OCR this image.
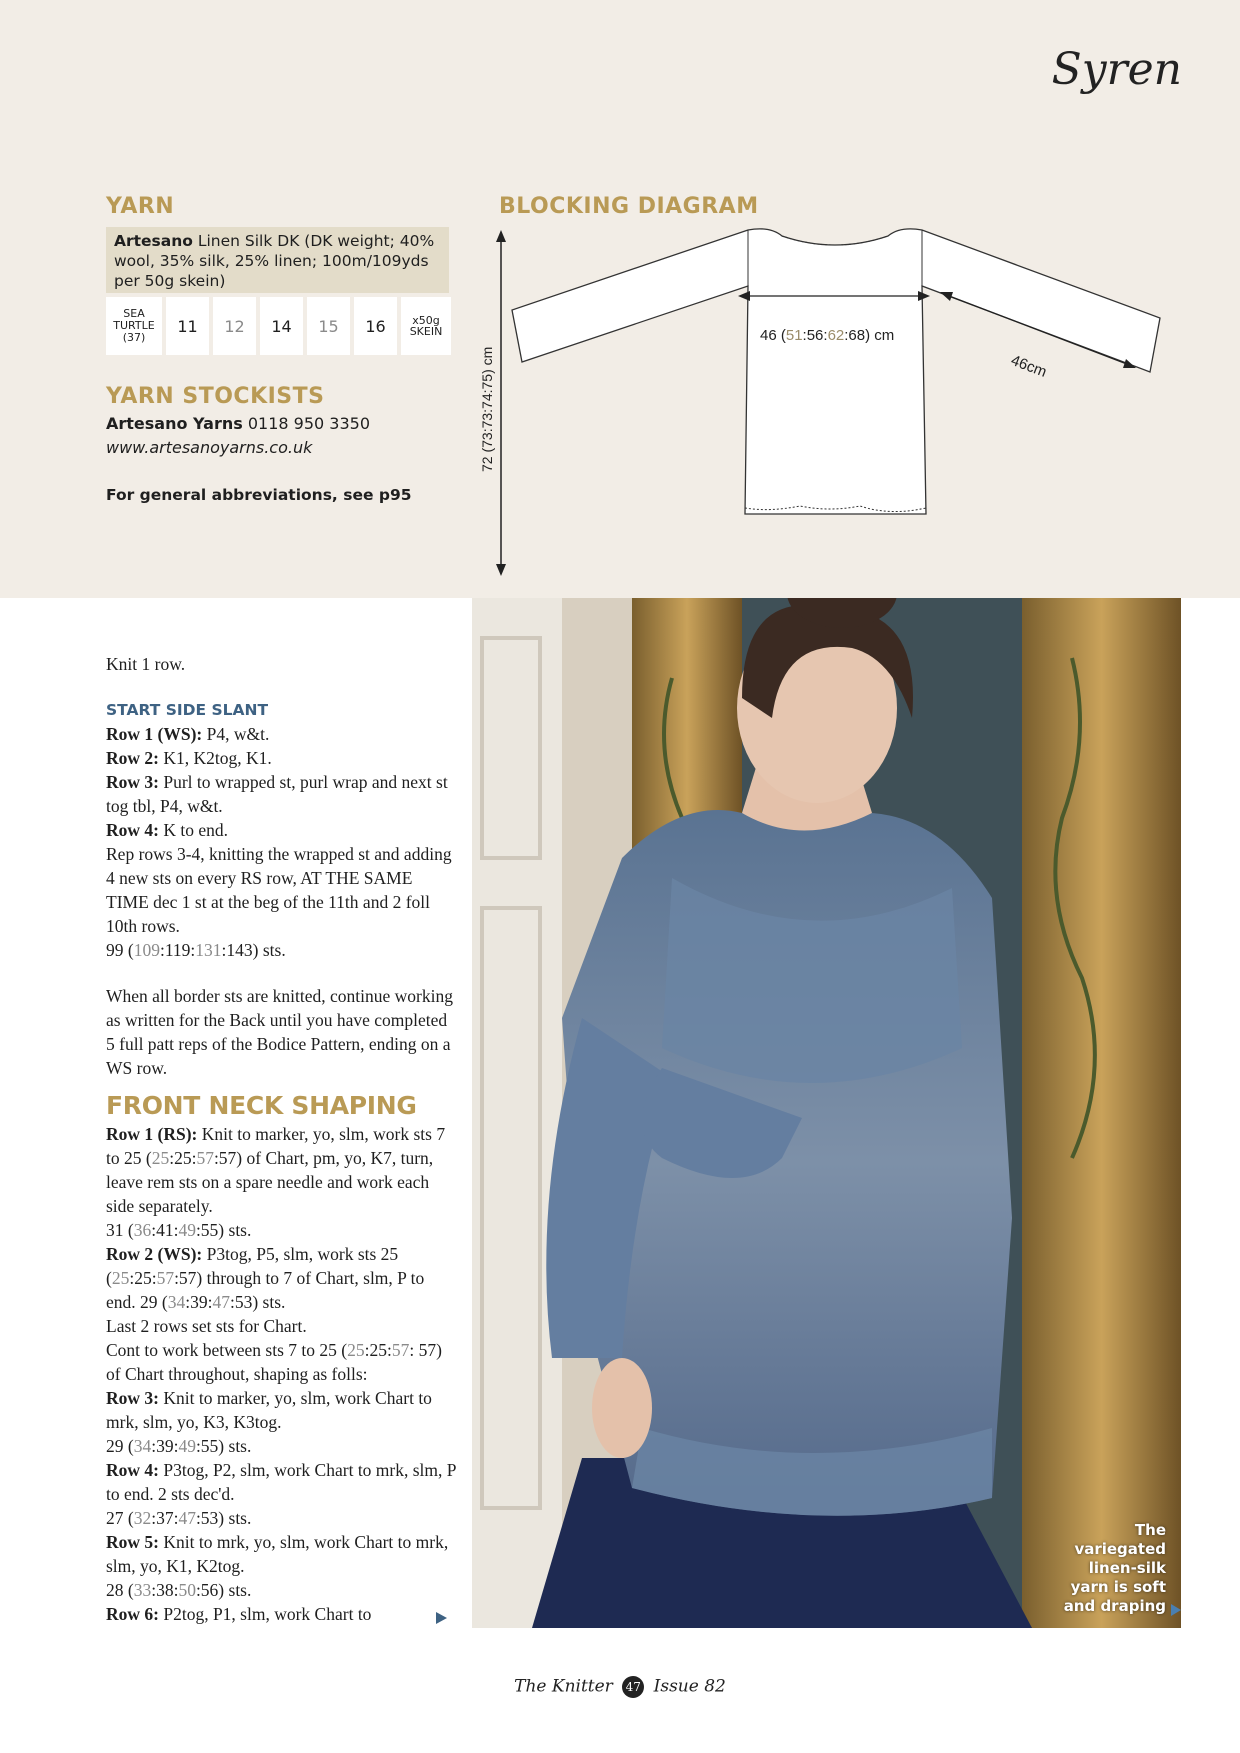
Syren
YARN
Artesano Linen Silk DK (DK weight; 40% wool, 35% silk, 25% linen; 100m/109yds per 50g skein)
SEA TURTLE (37)
11	12	14	15	16	x50g SKEIN
YARN STOCKISTS
Artesano Yarns 0118 950 3350
www.artesanoyarns.co.uk
For general abbreviations, see p95
BLOCKING DIAGRAM
72 (73:73:74:75) cm
46 (51:56:62:68) cm
46cm

Knit 1 row.

START SIDE SLANT

Row 1 (WS): P4, w&t.

Row 2: K1, K2tog, K1.

Row 3: Purl to wrapped st, purl wrap and next st tog tbl, P4, w&t.

Row 4: K to end.

Rep rows 3-4, knitting the wrapped st and adding 4 new sts on every RS row, AT THE SAME TIME dec 1 st at the beg of the 11th and 2 foll 10th rows.

99 (109:119:131:143) sts.

When all border sts are knitted, continue working as written for the Back until you have completed 5 full patt reps of the Bodice Pattern, ending on a WS row.

FRONT NECK SHAPING

Row 1 (RS): Knit to marker, yo, slm, work sts 7 to 25 (25:25:57:57) of Chart, pm, yo, K7, turn, leave rem sts on a spare needle and work each side separately.

31 (36:41:49:55) sts.

Row 2 (WS): P3tog, P5, slm, work sts 25 (25:25:57:57) through to 7 of Chart, slm, P to end. 29 (34:39:47:53) sts.

Last 2 rows set sts for Chart.

Cont to work between sts 7 to 25 (25:25:57: 57) of Chart throughout, shaping as folls:

Row 3: Knit to marker, yo, slm, work Chart to mrk, slm, yo, K3, K3tog.

29 (34:39:49:55) sts.

Row 4: P3tog, P2, slm, work Chart to mrk, slm, P to end. 2 sts dec'd.

27 (32:37:47:53) sts.

Row 5: Knit to mrk, yo, slm, work Chart to mrk, slm, yo, K1, K2tog.

28 (33:38:50:56) sts.

Row 6: P2tog, P1, slm, work Chart to

The variegated linen-silk yarn is soft and draping
The Knitter 47 Issue 82
